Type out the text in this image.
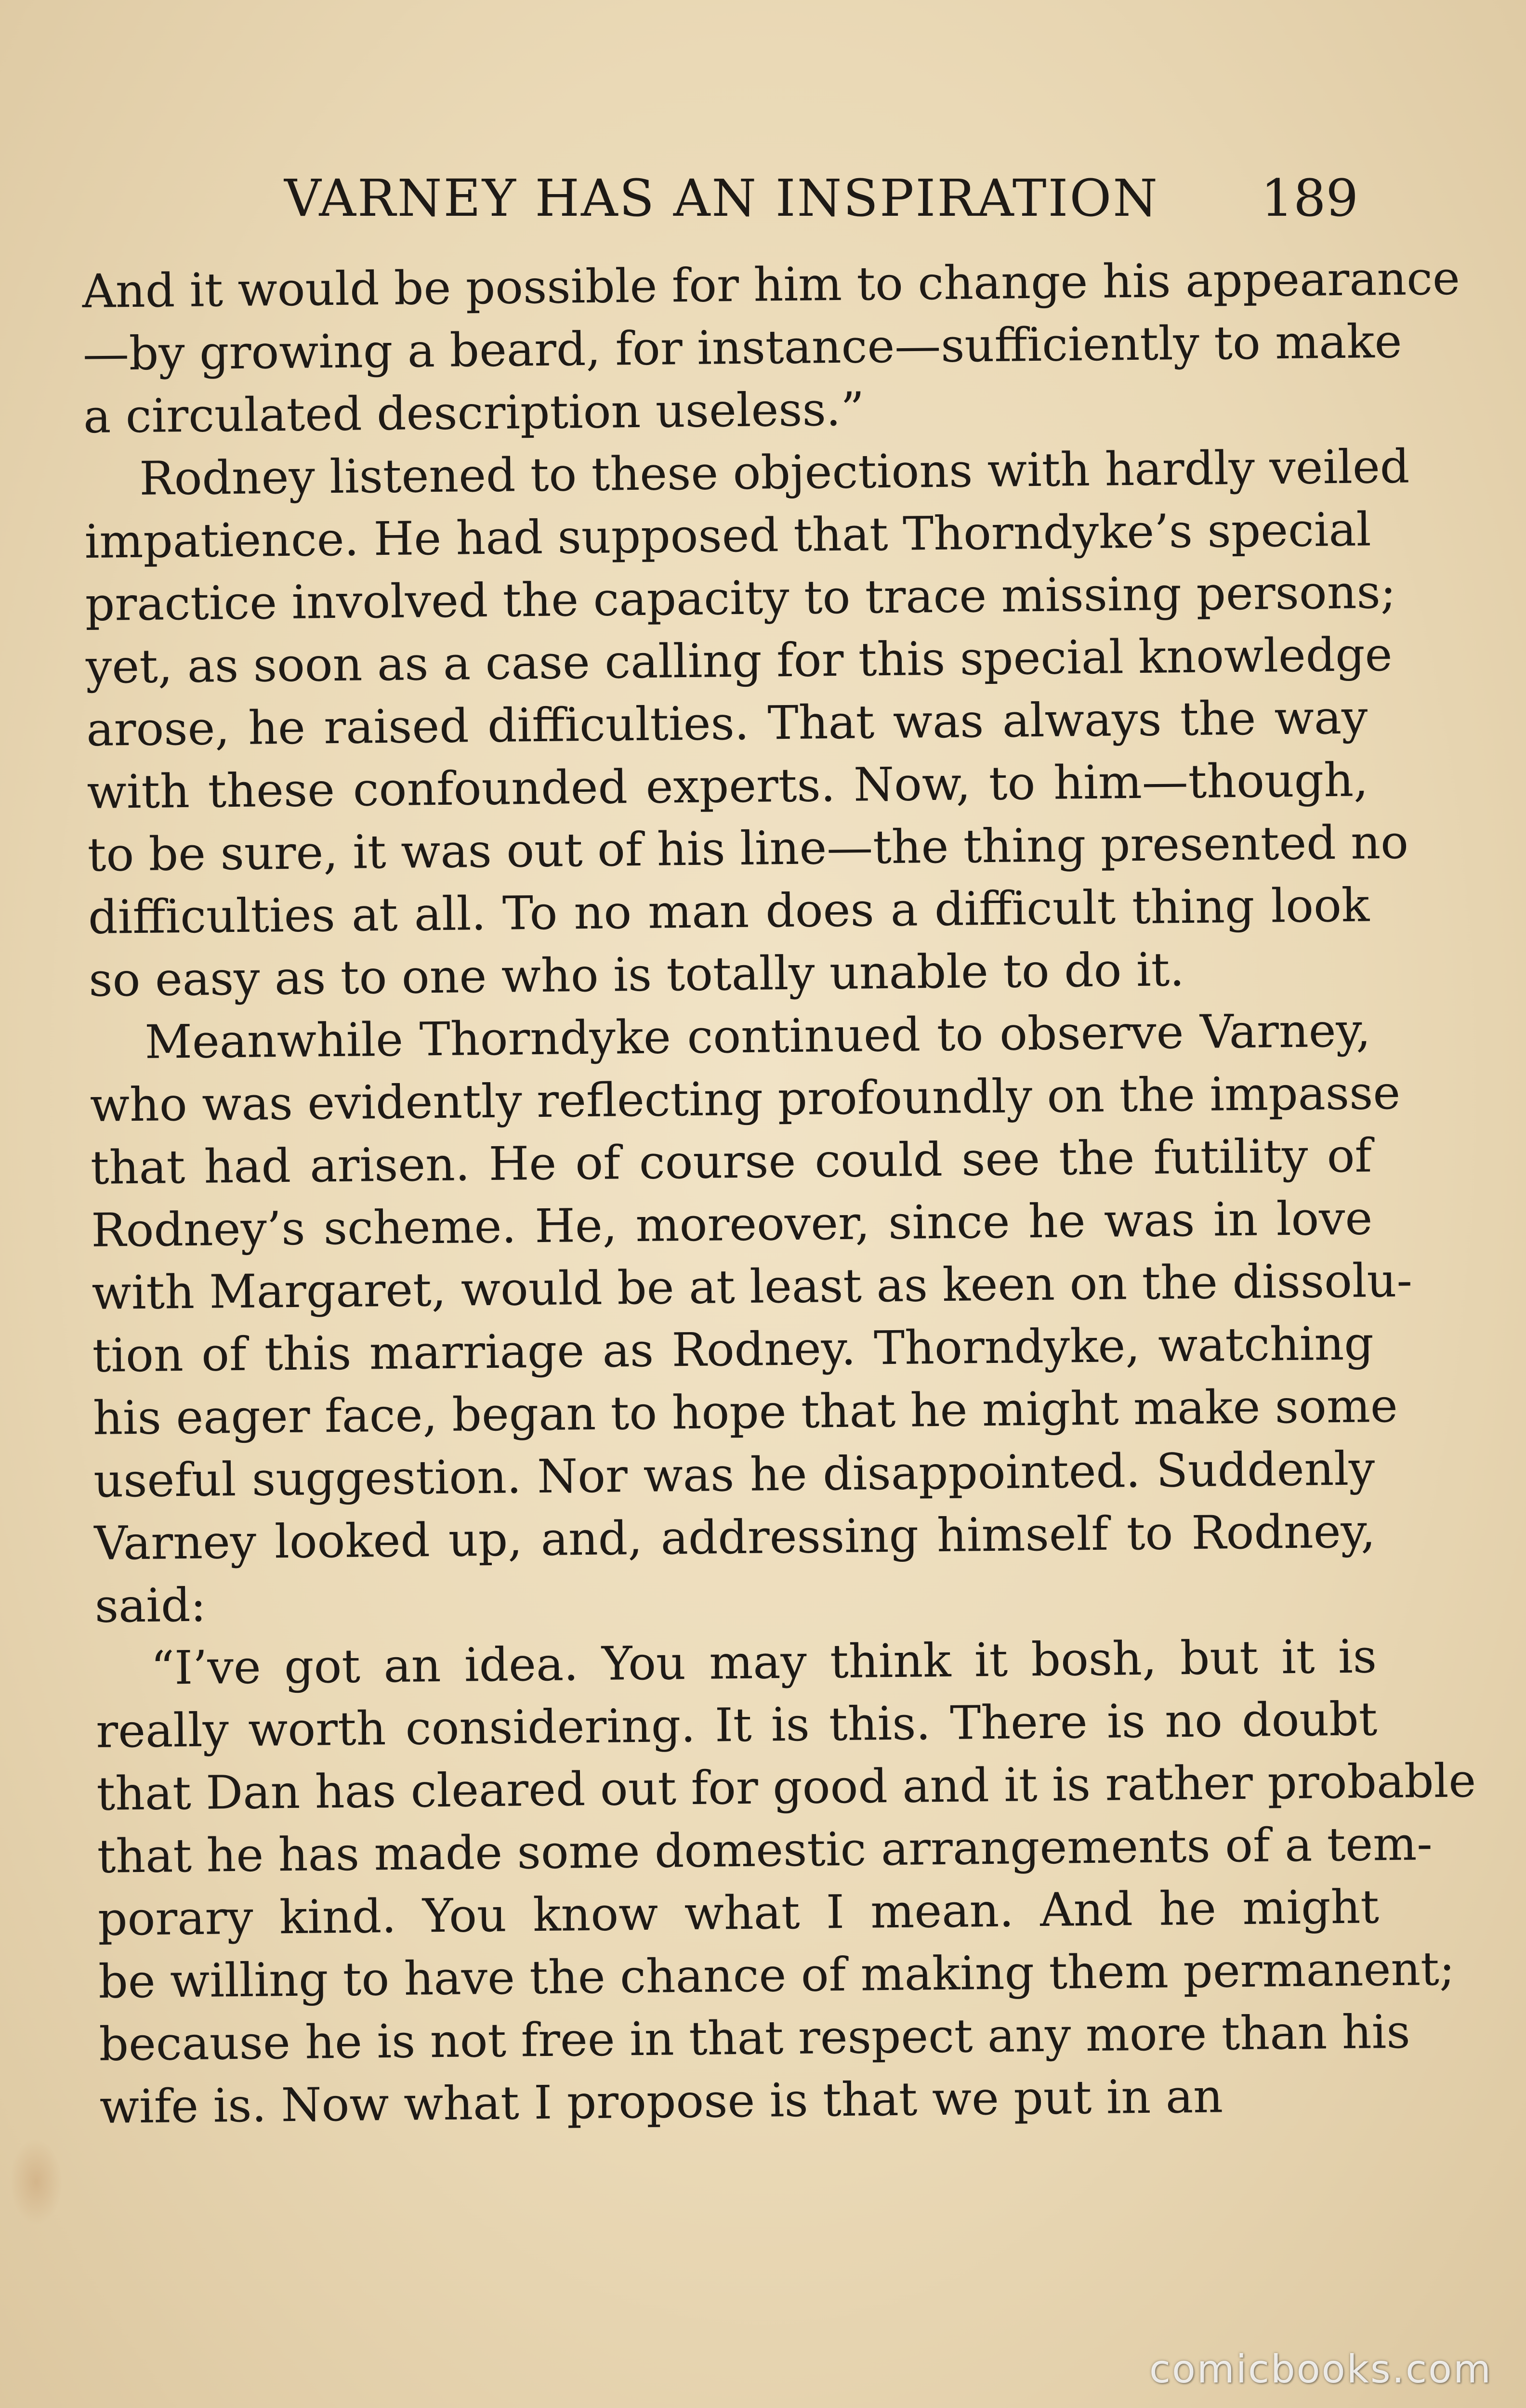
VARNEY HAS AN INSPIRATION 189
And it would be possible for him to change his appearance
—by growing a beard, for instance—sufficiently to make
a circulated description useless.”
Rodney listened to these objections with hardly veiled
impatience. He had supposed that Thorndyke’s special
practice involved the capacity to trace missing persons;
yet, as soon as a case calling for this special knowledge
arose, he raised difficulties. That was always the way
with these confounded experts. Now, to him—though,
to be sure, it was out of his line—the thing presented no
difficulties at all. To no man does a difficult thing look
so easy as to one who is totally unable to do it.
Meanwhile Thorndyke continued to observe Varney,
who was evidently reflecting profoundly on the impasse
that had arisen. He of course could see the futility of
Rodney’s scheme. He, moreover, since he was in love
with Margaret, would be at least as keen on the dissolu-
tion of this marriage as Rodney. Thorndyke, watching
his eager face, began to hope that he might make some
useful suggestion. Nor was he disappointed. Suddenly
Varney looked up, and, addressing himself to Rodney,
said:
“I’ve got an idea. You may think it bosh, but it is
really worth considering. It is this. There is no doubt
that Dan has cleared out for good and it is rather probable
that he has made some domestic arrangements of a tem-
porary kind. You know what I mean. And he might
be willing to have the chance of making them permanent;
because he is not free in that respect any more than his
wife is. Now what I propose is that we put in an
comicbooks.com
